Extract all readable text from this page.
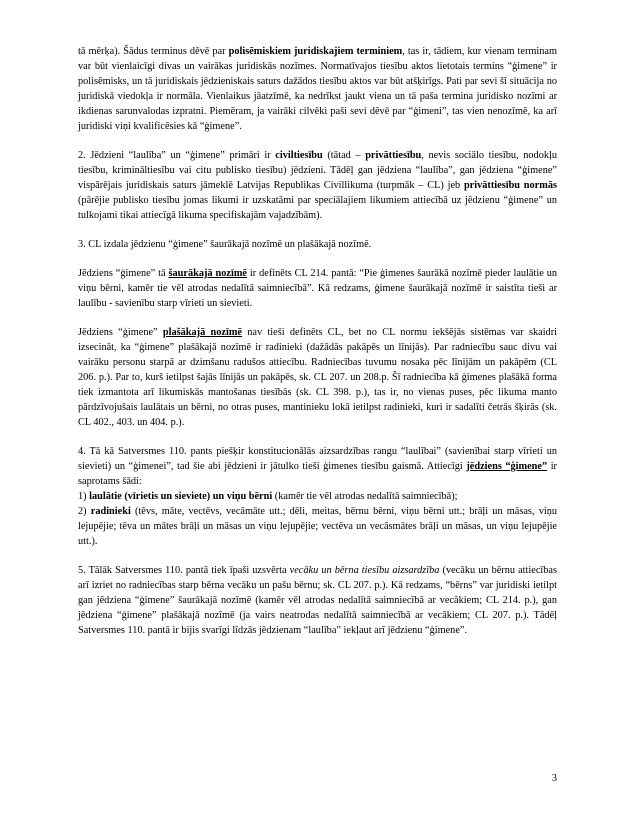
tā mērķa). Šādus terminus dēvē par polisēmiskiem juridiskajiem terminiem, tas ir, tādiem, kur vienam terminam var būt vienlaicīgi divas un vairākas juridiskās nozīmes. Normatīvajos tiesību aktos lietotais termins “ģimene” ir polisēmisks, un tā juridiskais jēdzieniskais saturs dažādos tiesību aktos var būt atšķirīgs. Pati par sevi šī situācija no juridiskā viedokļa ir normāla. Vienlaikus jāatzīmē, ka nedrīkst jaukt viena un tā paša termina juridisko nozīmi ar ikdienas sarunvalodas izpratni. Piemēram, ja vairāki cilvēki paši sevi dēvē par “ģimeni”, tas vien nenozīmē, ka arī juridiski viņi kvalificēsies kā “ģimene”.

2. Jēdzieni “laulība” un “ģimene” primāri ir civiltiesību (tātad – privāttiesību, nevis sociālo tiesību, nodokļu tiesību, krimināltiesību vai citu publisko tiesību) jēdzieni. Tādēļ gan jēdziena “laulība”, gan jēdziena “ģimene” vispārējais juridiskais saturs jāmeklē Latvijas Republikas Civillikuma (turpmāk – CL) jeb privāttiesību normās (pārējie publisko tiesību jomas likumi ir uzskatāmi par speciālajiem likumiem attiecībā uz jēdzienu “ģimene” un tulkojami tikai attiecīgā likuma specifiskajām vajadzībām).

3. CL izdala jēdzienu “ģimene” šaurākajā nozīmē un plašākajā nozīmē.

Jēdziens “ģimene” tā šaurākajā nozīmē ir definēts CL 214. pantā: “Pie ģimenes šaurākā nozīmē pieder laulātie un viņu bērni, kamēr tie vēl atrodas nedalītā saimniecībā”. Kā redzams, ģimene šaurākajā nozīmē ir saistīta tieši ar laulību - savienību starp vīrieti un sievieti.

Jēdziens “ģimene” plašākajā nozīmē nav tieši definēts CL, bet no CL normu iekšējās sistēmas var skaidri izsecināt, ka “ģimene” plašākajā nozīmē ir radinieki (dažādās pakāpēs un līnijās). Par radniecību sauc divu vai vairāku personu starpā ar dzimšanu radušos attiecību. Radniecības tuvumu nosaka pēc līnijām un pakāpēm (CL 206. p.). Par to, kurš ietilpst šajās līnijās un pakāpēs, sk. CL 207. un 208.p. Šī radniecība kā ģimenes plašākā forma tiek izmantota arī likumiskās mantošanas tiesībās (sk. CL 398. p.), tas ir, no vienas puses, pēc likuma manto pārdzīvojušais laulātais un bērni, no otras puses, mantinieku lokā ietilpst radinieki, kuri ir sadalīti četrās šķirās (sk. CL 402., 403. un 404. p.).

4. Tā kā Satversmes 110. pants piešķir konstitucionālās aizsardzības rangu “laulībai” (savienībai starp vīrieti un sievieti) un “ģimenei”, tad šie abi jēdzieni ir jātulko tieši ģimenes tiesību gaismā. Attiecīgi jēdziens “ģimene” ir saprotams šādi:
1) laulātie (vīrietis un sieviete) un viņu bērni (kamēr tie vēl atrodas nedalītā saimniecībā);
2) radinieki (tēvs, māte, vectēvs, vecāmāte utt.; dēli, meitas, bērnu bērni, viņu bērni utt.; brāļi un māsas, viņu lejupējie; tēva un mātes brāļi un māsas un viņu lejupējie; vectēva un vecāsmātes brāļi un māsas, un viņu lejupējie utt.).

5. Tālāk Satversmes 110. pantā tiek īpaši uzsvērta vecāku un bērna tiesību aizsardzība (vecāku un bērnu attiecības arī izriet no radniecības starp bērna vecāku un pašu bērnu; sk. CL 207. p.). Kā redzams, “bērns” var juridiski ietilpt gan jēdziena “ģimene” šaurākajā nozīmē (kamēr vēl atrodas nedalītā saimniecībā ar vecākiem; CL 214. p.), gan jēdziena “ģimene” plašākajā nozīmē (ja vairs neatrodas nedalītā saimniecībā ar vecākiem; CL 207. p.). Tādēļ Satversmes 110. pantā ir bijis svarīgi līdzās jēdzienam “laulība” iekļaut arī jēdzienu “ģimene”.

3
